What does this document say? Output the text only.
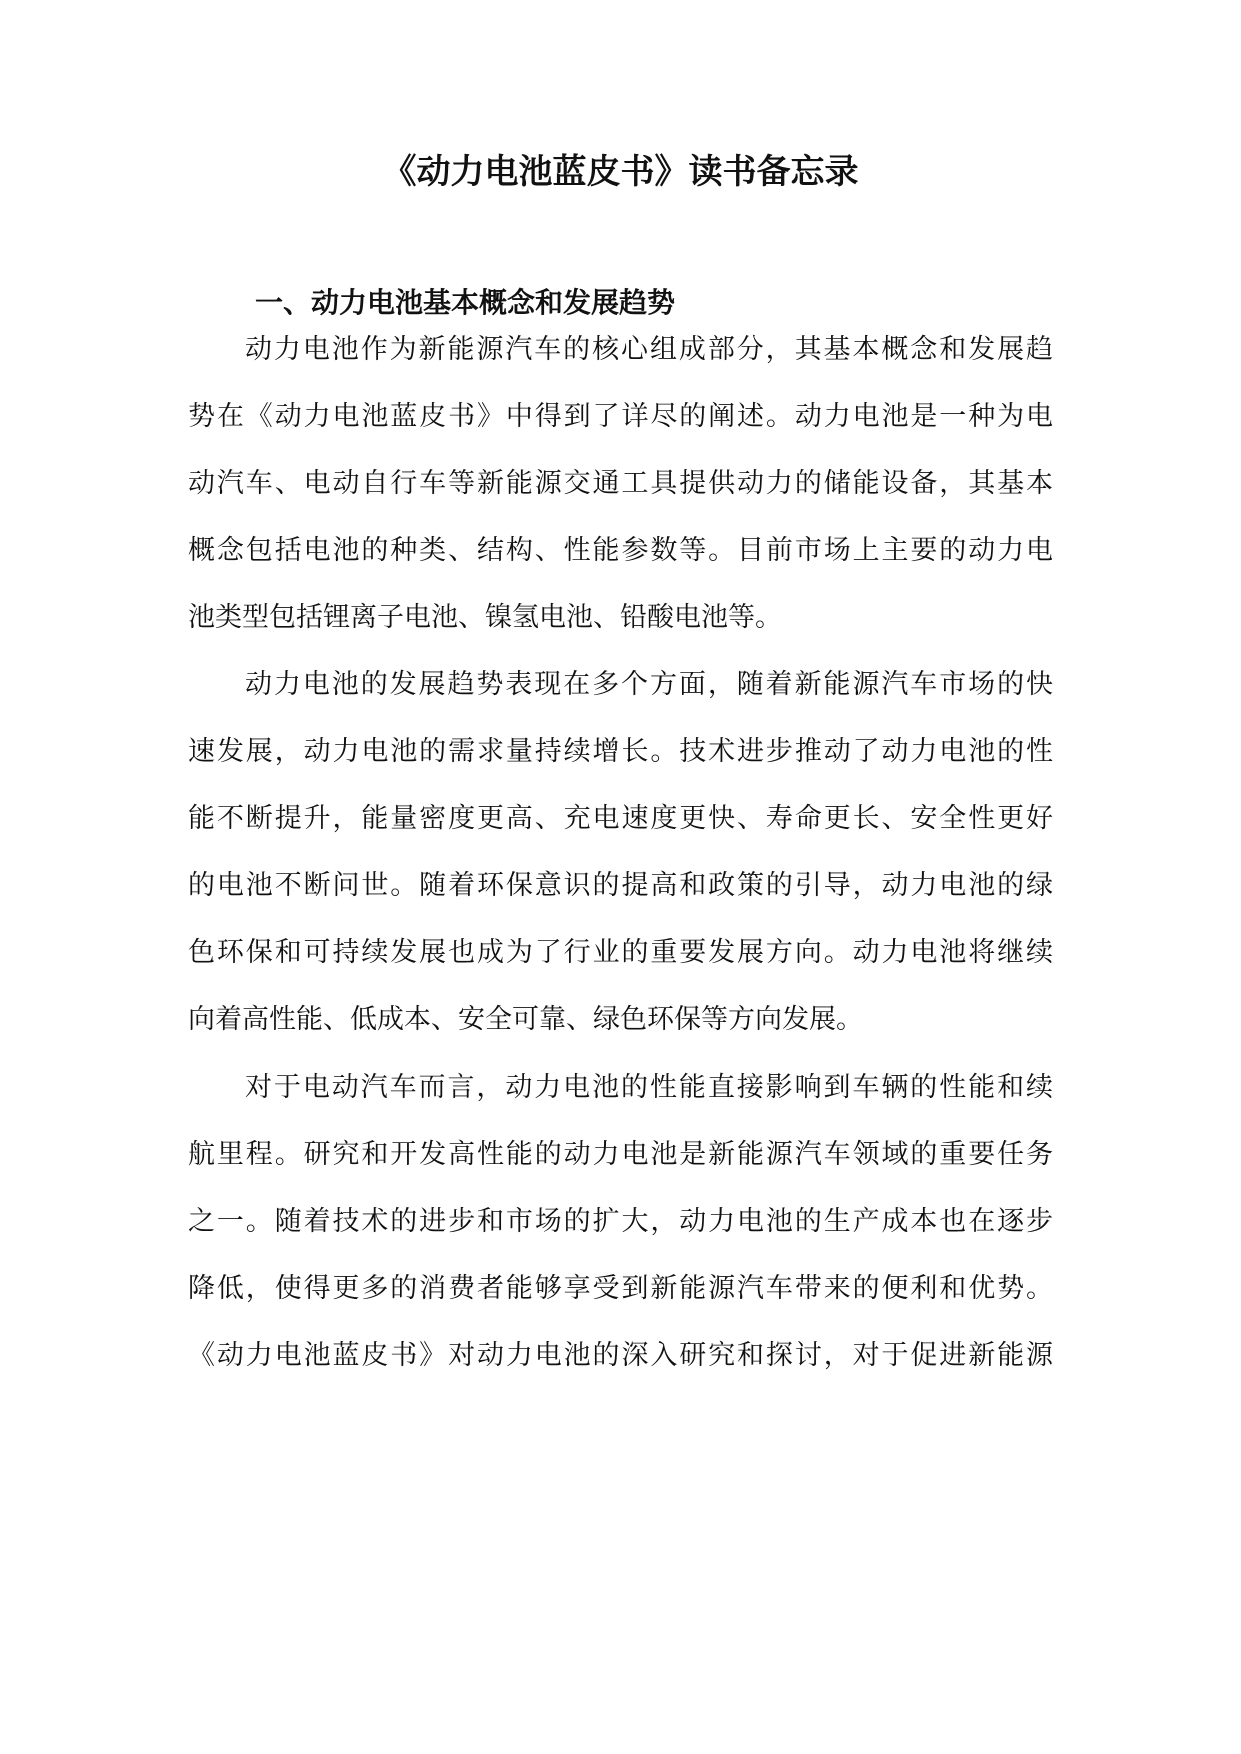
《动力电池蓝皮书》读书备忘录
一、动力电池基本概念和发展趋势
动力电池作为新能源汽车的核心组成部分，其基本概念和发展趋
势在《动力电池蓝皮书》中得到了详尽的阐述。动力电池是一种为电
动汽车、电动自行车等新能源交通工具提供动力的储能设备，其基本
概念包括电池的种类、结构、性能参数等。目前市场上主要的动力电
池类型包括锂离子电池、镍氢电池、铅酸电池等。
动力电池的发展趋势表现在多个方面，随着新能源汽车市场的快
速发展，动力电池的需求量持续增长。技术进步推动了动力电池的性
能不断提升，能量密度更高、充电速度更快、寿命更长、安全性更好
的电池不断问世。随着环保意识的提高和政策的引导，动力电池的绿
色环保和可持续发展也成为了行业的重要发展方向。动力电池将继续
向着高性能、低成本、安全可靠、绿色环保等方向发展。
对于电动汽车而言，动力电池的性能直接影响到车辆的性能和续
航里程。研究和开发高性能的动力电池是新能源汽车领域的重要任务
之一。随着技术的进步和市场的扩大，动力电池的生产成本也在逐步
降低，使得更多的消费者能够享受到新能源汽车带来的便利和优势。
《动力电池蓝皮书》对动力电池的深入研究和探讨，对于促进新能源
